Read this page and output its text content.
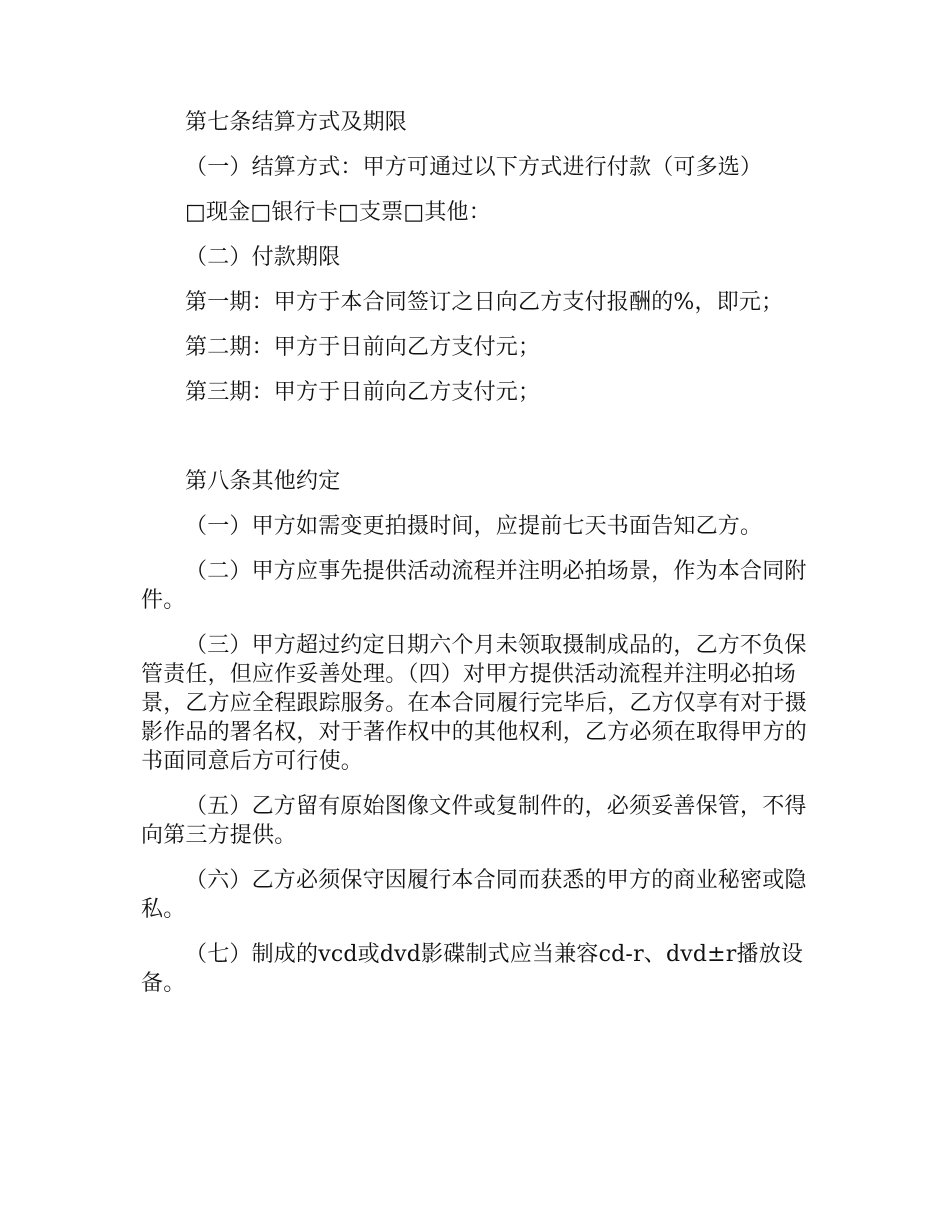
第七条结算方式及期限

（一）结算方式：甲方可通过以下方式进行付款（可多选）

□现金□银行卡□支票□其他：

（二）付款期限

第一期：甲方于本合同签订之日向乙方支付报酬的%，即元；

第二期：甲方于日前向乙方支付元；

第三期：甲方于日前向乙方支付元；

第八条其他约定

（一）甲方如需变更拍摄时间，应提前七天书面告知乙方。

（二）甲方应事先提供活动流程并注明必拍场景，作为本合同附件。

（三）甲方超过约定日期六个月未领取摄制成品的，乙方不负保管责任，但应作妥善处理。（四）对甲方提供活动流程并注明必拍场景，乙方应全程跟踪服务。在本合同履行完毕后，乙方仅享有对于摄影作品的署名权，对于著作权中的其他权利，乙方必须在取得甲方的书面同意后方可行使。

（五）乙方留有原始图像文件或复制件的，必须妥善保管，不得向第三方提供。

（六）乙方必须保守因履行本合同而获悉的甲方的商业秘密或隐私。

（七）制成的vcd或dvd影碟制式应当兼容cd-r、dvd±r播放设备。
